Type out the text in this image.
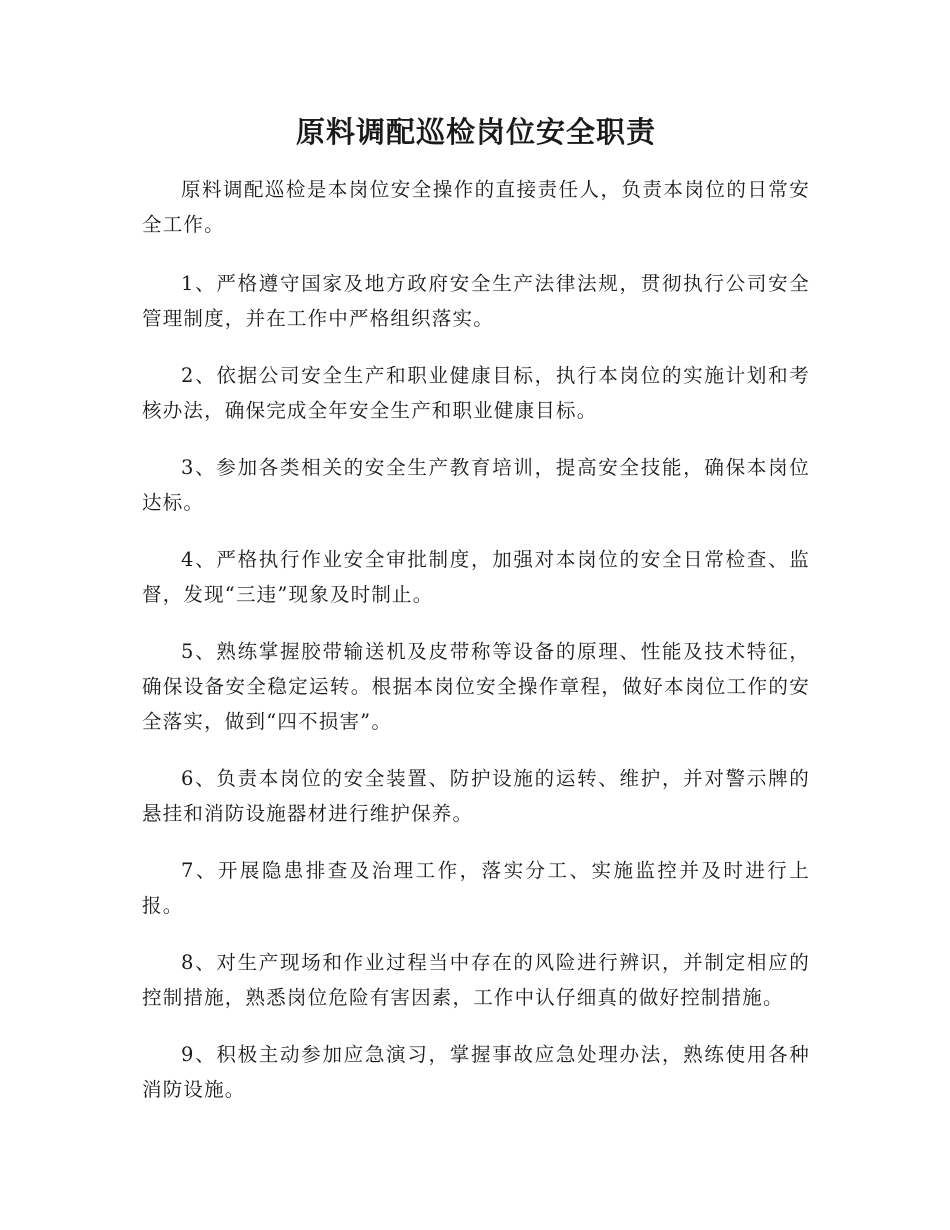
原料调配巡检岗位安全职责

原料调配巡检是本岗位安全操作的直接责任人，负责本岗位的日常安全工作。

1、严格遵守国家及地方政府安全生产法律法规，贯彻执行公司安全管理制度，并在工作中严格组织落实。

2、依据公司安全生产和职业健康目标，执行本岗位的实施计划和考核办法，确保完成全年安全生产和职业健康目标。

3、参加各类相关的安全生产教育培训，提高安全技能，确保本岗位达标。

4、严格执行作业安全审批制度，加强对本岗位的安全日常检查、监督，发现“三违”现象及时制止。

5、熟练掌握胶带输送机及皮带称等设备的原理、性能及技术特征，确保设备安全稳定运转。根据本岗位安全操作章程，做好本岗位工作的安全落实，做到“四不损害”。

6、负责本岗位的安全装置、防护设施的运转、维护，并对警示牌的悬挂和消防设施器材进行维护保养。

7、开展隐患排查及治理工作，落实分工、实施监控并及时进行上报。

8、对生产现场和作业过程当中存在的风险进行辨识，并制定相应的控制措施，熟悉岗位危险有害因素，工作中认仔细真的做好控制措施。

9、积极主动参加应急演习，掌握事故应急处理办法，熟练使用各种消防设施。
